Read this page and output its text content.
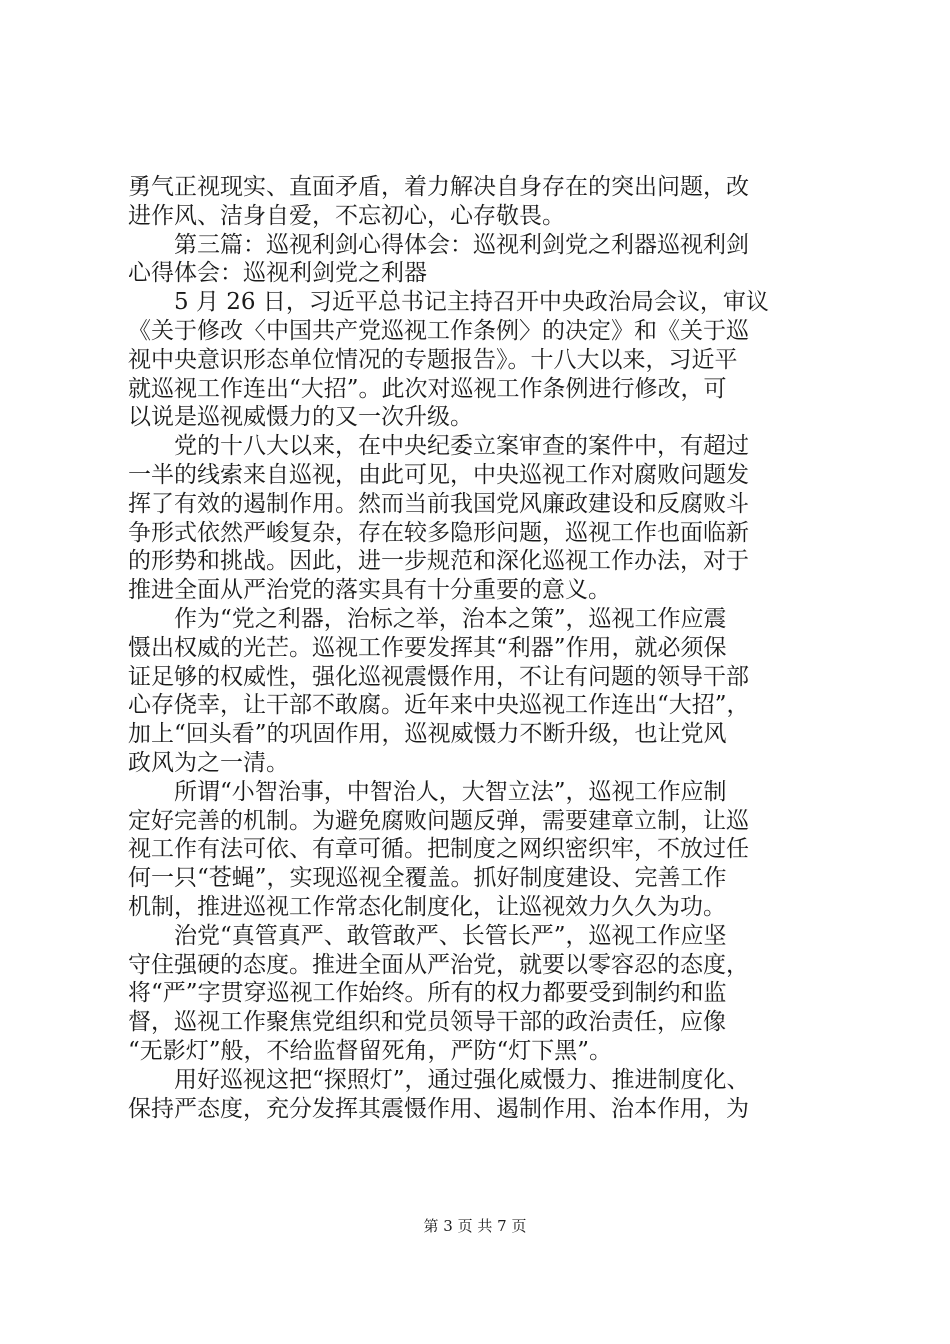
勇气正视现实、直面矛盾，着力解决自身存在的突出问题，改
进作风、洁身自爱，不忘初心，心存敬畏。
　　第三篇：巡视利剑心得体会：巡视利剑党之利器巡视利剑
心得体会：巡视利剑党之利器
　　5 月 26 日，习近平总书记主持召开中央政治局会议，审议
《关于修改〈中国共产党巡视工作条例〉的决定》和《关于巡
视中央意识形态单位情况的专题报告》。十八大以来，习近平
就巡视工作连出“大招”。此次对巡视工作条例进行修改，可
以说是巡视威慑力的又一次升级。
　　党的十八大以来，在中央纪委立案审查的案件中，有超过
一半的线索来自巡视，由此可见，中央巡视工作对腐败问题发
挥了有效的遏制作用。然而当前我国党风廉政建设和反腐败斗
争形式依然严峻复杂，存在较多隐形问题，巡视工作也面临新
的形势和挑战。因此，进一步规范和深化巡视工作办法，对于
推进全面从严治党的落实具有十分重要的意义。
　　作为“党之利器，治标之举，治本之策”，巡视工作应震
慑出权威的光芒。巡视工作要发挥其“利器”作用，就必须保
证足够的权威性，强化巡视震慑作用，不让有问题的领导干部
心存侥幸，让干部不敢腐。近年来中央巡视工作连出“大招”，
加上“回头看”的巩固作用，巡视威慑力不断升级，也让党风
政风为之一清。
　　所谓“小智治事，中智治人，大智立法”，巡视工作应制
定好完善的机制。为避免腐败问题反弹，需要建章立制，让巡
视工作有法可依、有章可循。把制度之网织密织牢，不放过任
何一只“苍蝇”，实现巡视全覆盖。抓好制度建设、完善工作
机制，推进巡视工作常态化制度化，让巡视效力久久为功。
　　治党“真管真严、敢管敢严、长管长严”，巡视工作应坚
守住强硬的态度。推进全面从严治党，就要以零容忍的态度，
将“严”字贯穿巡视工作始终。所有的权力都要受到制约和监
督，巡视工作聚焦党组织和党员领导干部的政治责任，应像
“无影灯”般，不给监督留死角，严防“灯下黑”。
　　用好巡视这把“探照灯”，通过强化威慑力、推进制度化、
保持严态度，充分发挥其震慑作用、遏制作用、治本作用，为
第 3 页 共 7 页
